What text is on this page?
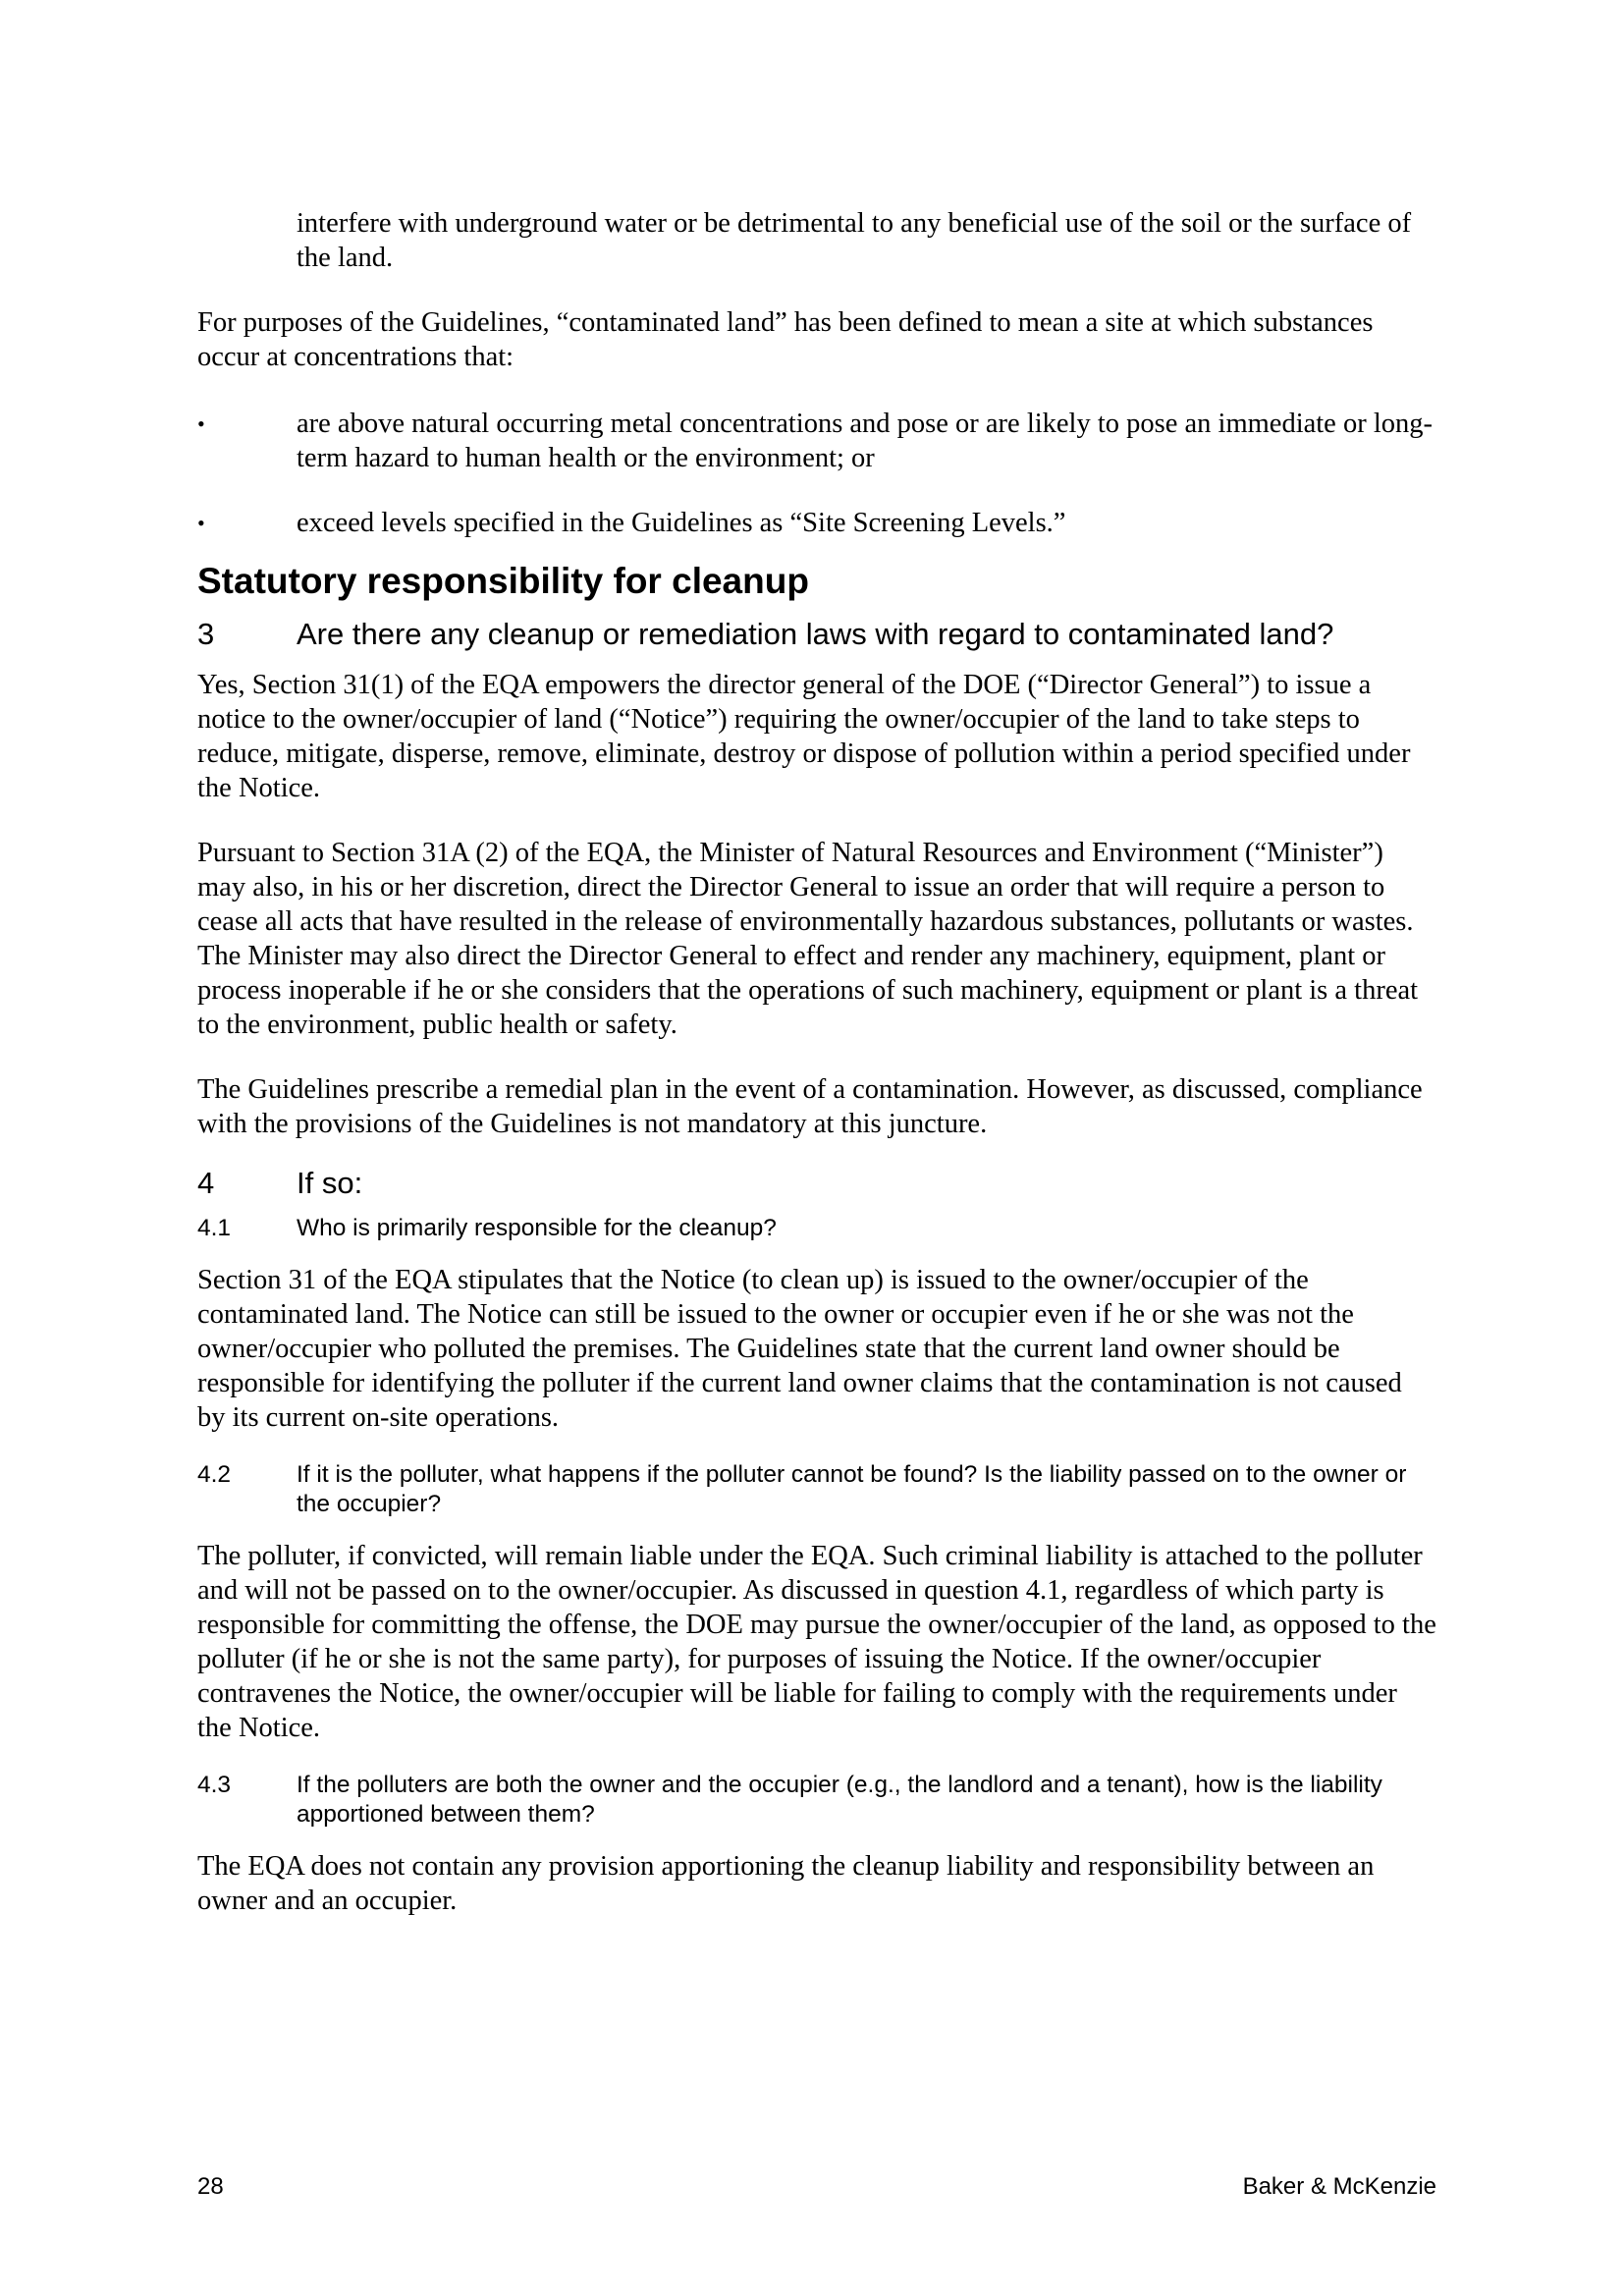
interfere with underground water or be detrimental to any beneficial use of the soil or the surface of the land.

For purposes of the Guidelines, “contaminated land” has been defined to mean a site at which substances occur at concentrations that:

•	are above natural occurring metal concentrations and pose or are likely to pose an immediate or long-term hazard to human health or the environment; or
•	exceed levels specified in the Guidelines as “Site Screening Levels.”
Statutory responsibility for cleanup
3	Are there any cleanup or remediation laws with regard to contaminated land?

Yes, Section 31(1) of the EQA empowers the director general of the DOE (“Director General”) to issue a notice to the owner/occupier of land (“Notice”) requiring the owner/occupier of the land to take steps to reduce, mitigate, disperse, remove, eliminate, destroy or dispose of pollution within a period specified under the Notice.

Pursuant to Section 31A (2) of the EQA, the Minister of Natural Resources and Environment (“Minister”) may also, in his or her discretion, direct the Director General to issue an order that will require a person to cease all acts that have resulted in the release of environmentally hazardous substances, pollutants or wastes. The Minister may also direct the Director General to effect and render any machinery, equipment, plant or process inoperable if he or she considers that the operations of such machinery, equipment or plant is a threat to the environment, public health or safety.

The Guidelines prescribe a remedial plan in the event of a contamination. However, as discussed, compliance with the provisions of the Guidelines is not mandatory at this juncture.

4	If so:
4.1	Who is primarily responsible for the cleanup?

Section 31 of the EQA stipulates that the Notice (to clean up) is issued to the owner/occupier of the contaminated land. The Notice can still be issued to the owner or occupier even if he or she was not the owner/occupier who polluted the premises. The Guidelines state that the current land owner should be responsible for identifying the polluter if the current land owner claims that the contamination is not caused by its current on-site operations.

4.2	If it is the polluter, what happens if the polluter cannot be found? Is the liability passed on to the owner or the occupier?

The polluter, if convicted, will remain liable under the EQA. Such criminal liability is attached to the polluter and will not be passed on to the owner/occupier. As discussed in question 4.1, regardless of which party is responsible for committing the offense, the DOE may pursue the owner/occupier of the land, as opposed to the polluter (if he or she is not the same party), for purposes of issuing the Notice. If the owner/occupier contravenes the Notice, the owner/occupier will be liable for failing to comply with the requirements under the Notice.

4.3	If the polluters are both the owner and the occupier (e.g., the landlord and a tenant), how is the liability apportioned between them?

The EQA does not contain any provision apportioning the cleanup liability and responsibility between an owner and an occupier.

28	Baker & McKenzie
